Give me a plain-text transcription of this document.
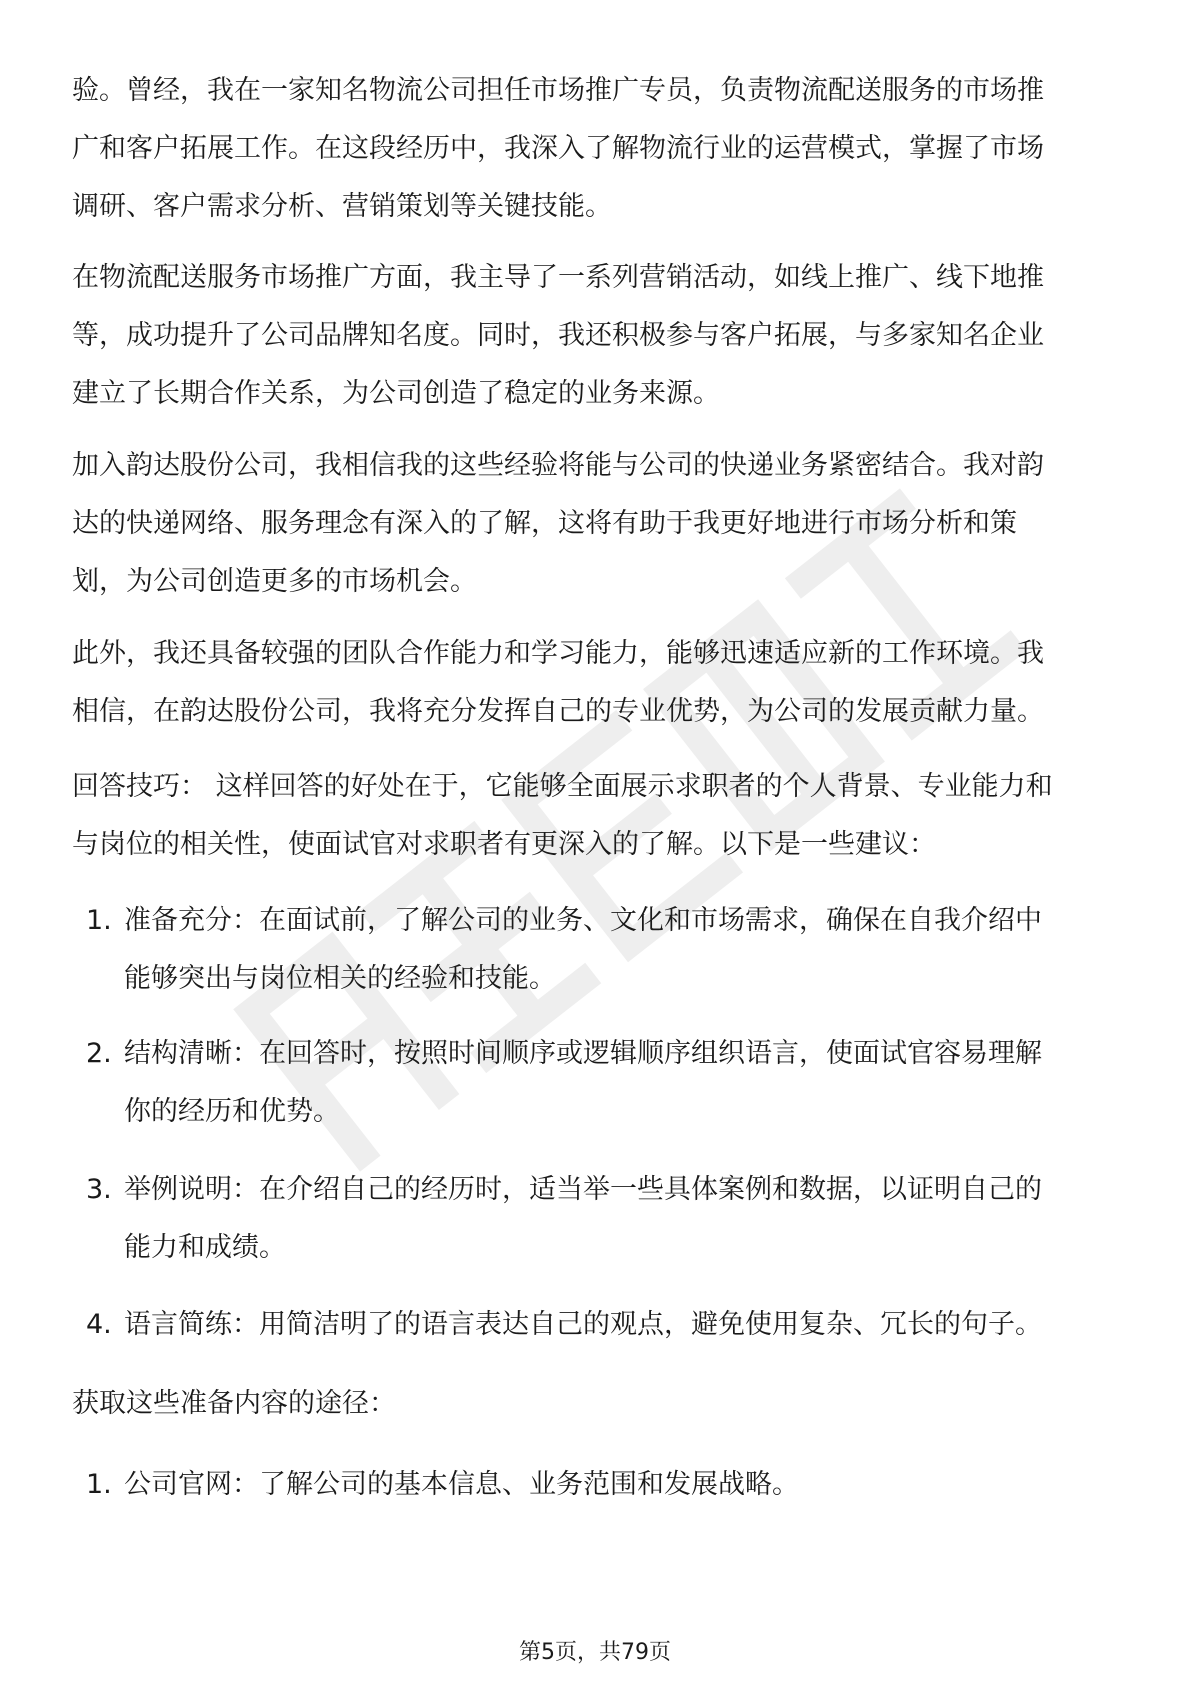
验。曾经，我在一家知名物流公司担任市场推广专员，负责物流配送服务的市场推
广和客户拓展工作。在这段经历中，我深入了解物流行业的运营模式，掌握了市场
调研、客户需求分析、营销策划等关键技能。

在物流配送服务市场推广方面，我主导了一系列营销活动，如线上推广、线下地推
等，成功提升了公司品牌知名度。同时，我还积极参与客户拓展，与多家知名企业
建立了长期合作关系，为公司创造了稳定的业务来源。

加入韵达股份公司，我相信我的这些经验将能与公司的快递业务紧密结合。我对韵
达的快递网络、服务理念有深入的了解，这将有助于我更好地进行市场分析和策
划，为公司创造更多的市场机会。

此外，我还具备较强的团队合作能力和学习能力，能够迅速适应新的工作环境。我
相信，在韵达股份公司，我将充分发挥自己的专业优势，为公司的发展贡献力量。

回答技巧： 这样回答的好处在于，它能够全面展示求职者的个人背景、专业能力和
与岗位的相关性，使面试官对求职者有更深入的了解。以下是一些建议：

1. 准备充分：在面试前，了解公司的业务、文化和市场需求，确保在自我介绍中
能够突出与岗位相关的经验和技能。
2. 结构清晰：在回答时，按照时间顺序或逻辑顺序组织语言，使面试官容易理解
你的经历和优势。
3. 举例说明：在介绍自己的经历时，适当举一些具体案例和数据，以证明自己的
能力和成绩。
4. 语言简练：用简洁明了的语言表达自己的观点，避免使用复杂、冗长的句子。

获取这些准备内容的途径：

1. 公司官网：了解公司的基本信息、业务范围和发展战略。
第5页，共79页
